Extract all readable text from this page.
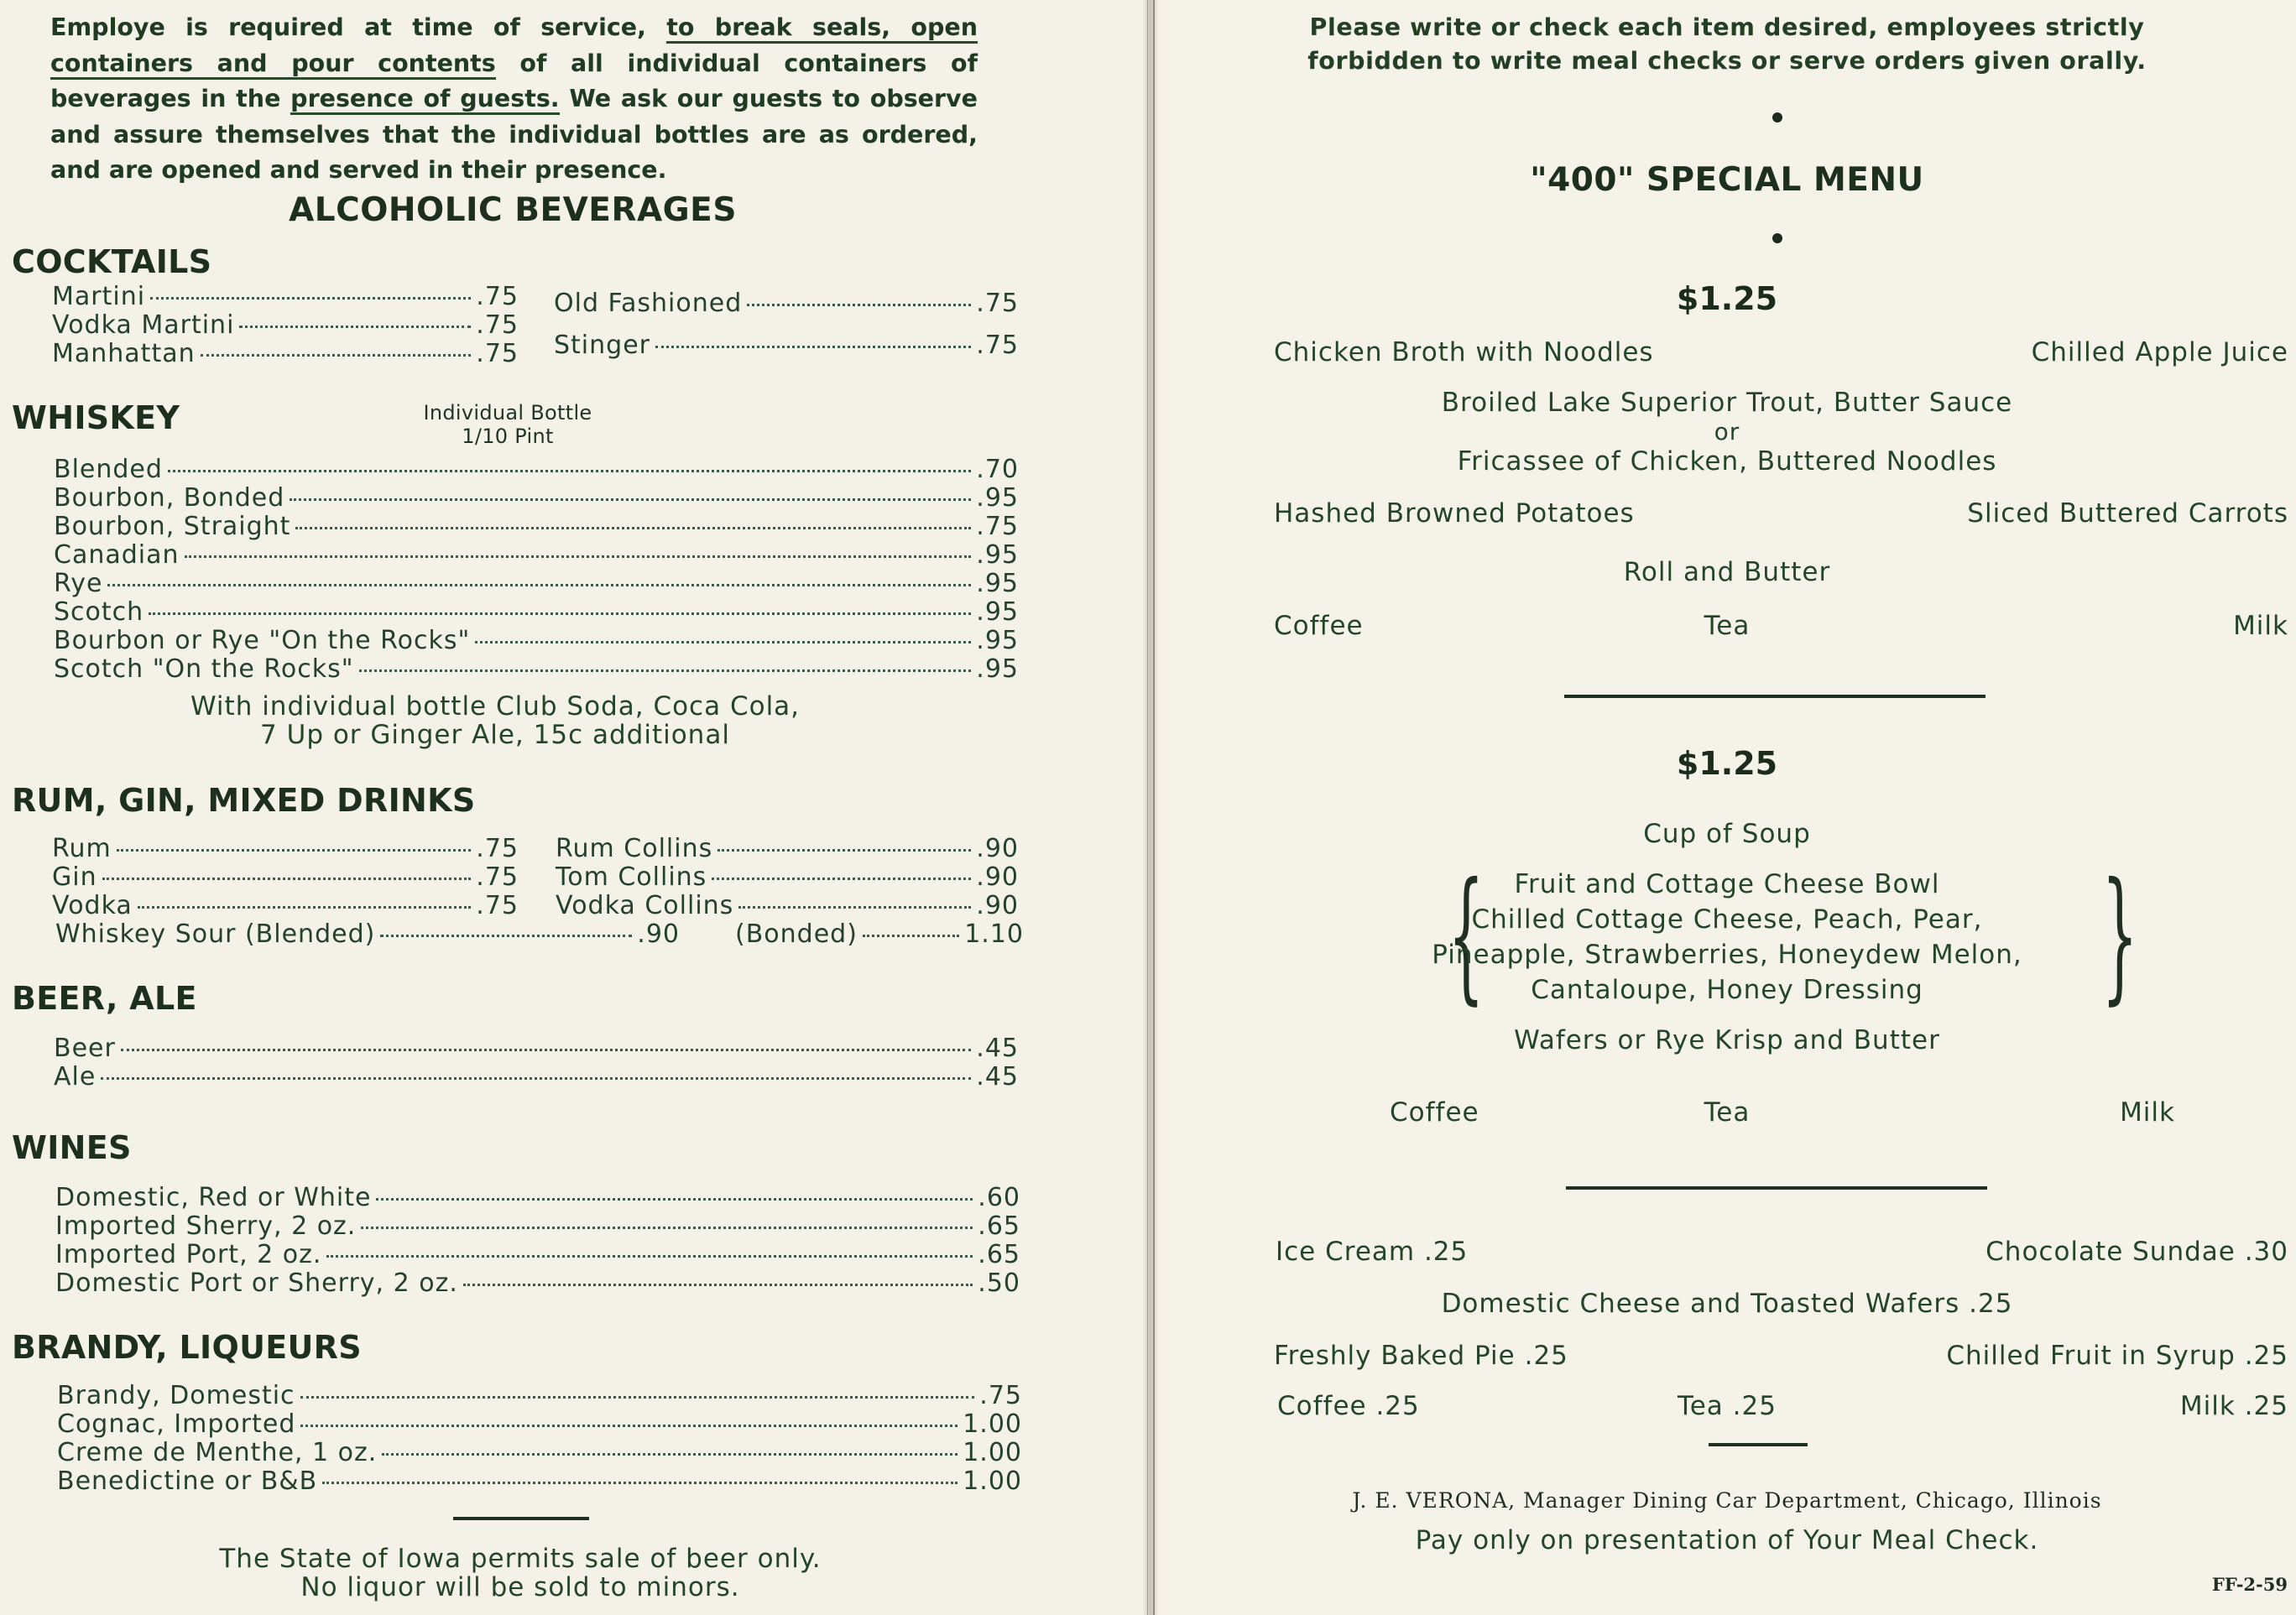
Employe is required at time of service, to break seals, open containers and pour contents of all individual containers of beverages in the presence of guests. We ask our guests to observe and assure themselves that the individual bottles are as ordered, and are opened and served in their presence.
ALCOHOLIC BEVERAGES
COCKTAILS
Martini	.75
Vodka Martini	.75
Manhattan	.75
Old Fashioned	.75
Stinger	.75
WHISKEY	Individual Bottle
1/10 Pint
Blended	.70
Bourbon, Bonded	.95
Bourbon, Straight	.75
Canadian	.95
Rye	.95
Scotch	.95
Bourbon or Rye "On the Rocks"	.95
Scotch "On the Rocks"	.95
With individual bottle Club Soda, Coca Cola,
7 Up or Ginger Ale, 15c additional
RUM, GIN, MIXED DRINKS
Rum	.75
Gin	.75
Vodka	.75
Rum Collins	.90
Tom Collins	.90
Vodka Collins	.90
Whiskey Sour (Blended)	.90 (Bonded)	1.10
BEER, ALE
Beer	.45
Ale	.45
WINES
Domestic, Red or White	.60
Imported Sherry, 2 oz.	.65
Imported Port, 2 oz.	.65
Domestic Port or Sherry, 2 oz.	.50
BRANDY, LIQUEURS
Brandy, Domestic	.75
Cognac, Imported	1.00
Creme de Menthe, 1 oz.	1.00
Benedictine or B&B	1.00
The State of Iowa permits sale of beer only.
No liquor will be sold to minors.
Please write or check each item desired, employees strictly
forbidden to write meal checks or serve orders given orally.
"400" SPECIAL MENU
$1.25
Chicken Broth with Noodles	Chilled Apple Juice
Broiled Lake Superior Trout, Butter Sauce
or
Fricassee of Chicken, Buttered Noodles
Hashed Browned Potatoes	Sliced Buttered Carrots
Roll and Butter
Coffee	Tea	Milk
$1.25
Cup of Soup
{	}
Fruit and Cottage Cheese Bowl
Chilled Cottage Cheese, Peach, Pear,
Pineapple, Strawberries, Honeydew Melon,
Cantaloupe, Honey Dressing
Wafers or Rye Krisp and Butter
Coffee	Tea	Milk
Ice Cream .25	Chocolate Sundae .30
Domestic Cheese and Toasted Wafers .25
Freshly Baked Pie .25	Chilled Fruit in Syrup .25
Coffee .25	Tea .25	Milk .25
J. E. VERONA, Manager Dining Car Department, Chicago, Illinois
Pay only on presentation of Your Meal Check.
FF-2-59
